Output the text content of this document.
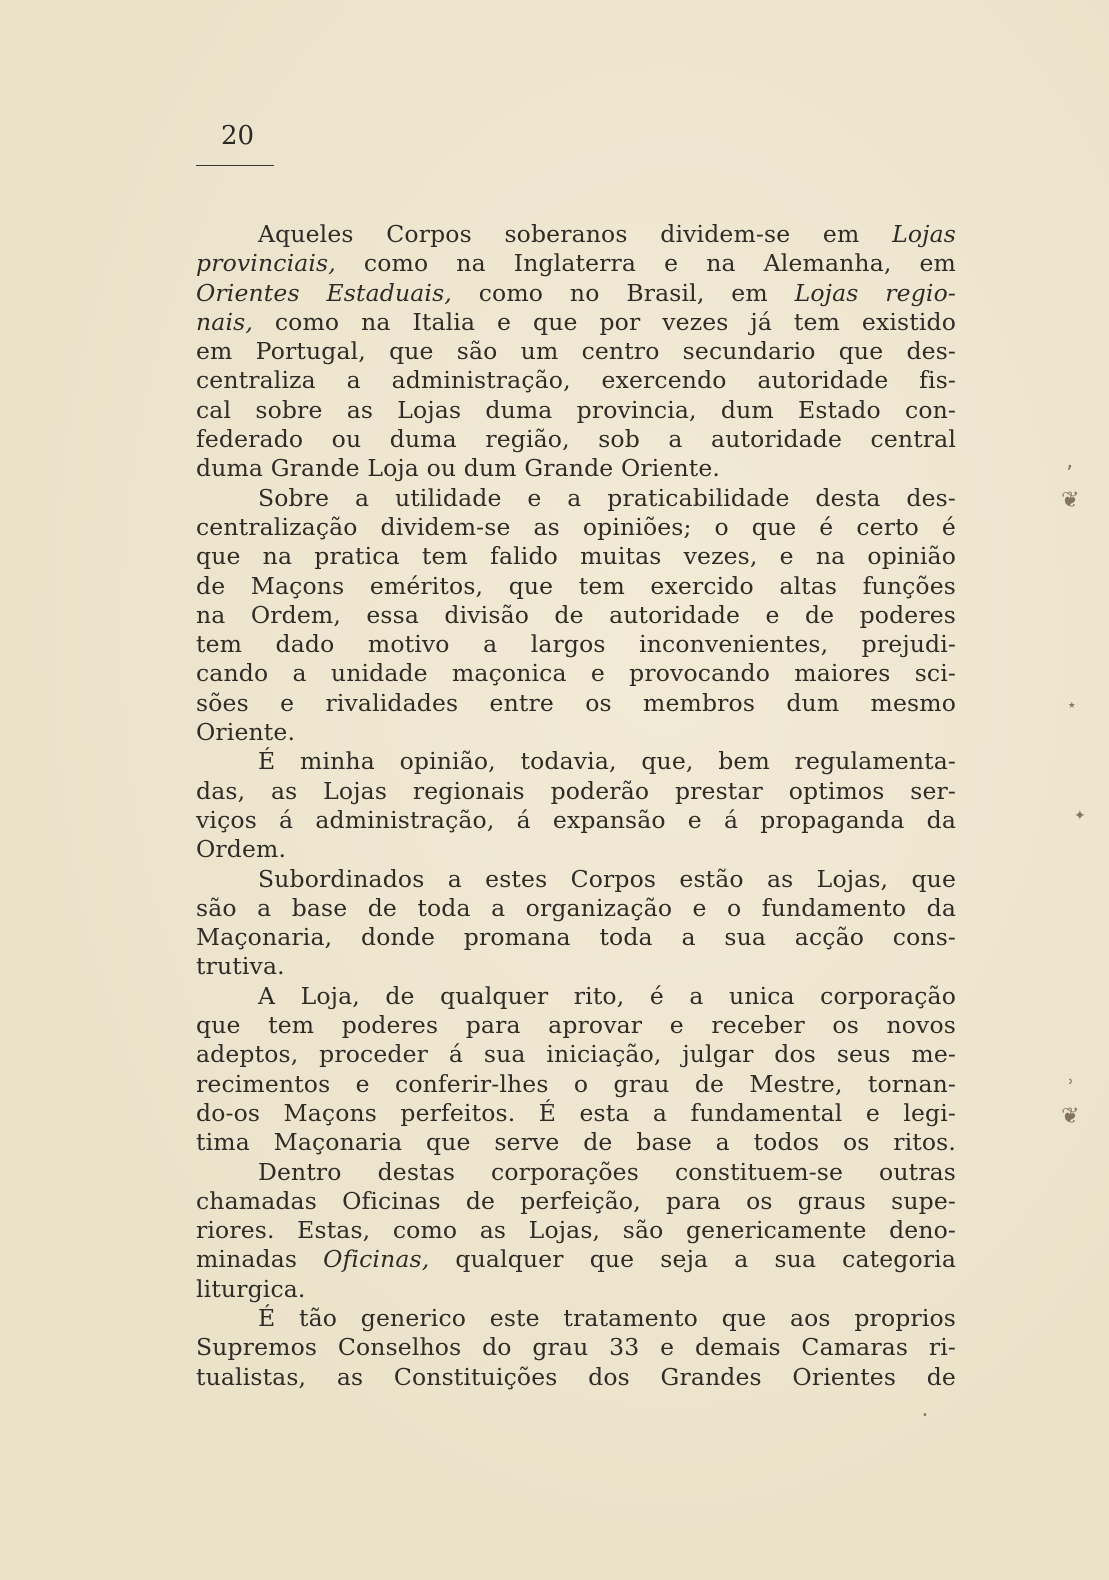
20
Aqueles Corpos soberanos dividem-se em Lojas
provinciais, como na Inglaterra e na Alemanha, em
Orientes Estaduais, como no Brasil, em Lojas regio-
nais, como na Italia e que por vezes já tem existido
em Portugal, que são um centro secundario que des-
centraliza a administração, exercendo autoridade fis-
cal sobre as Lojas duma provincia, dum Estado con-
federado ou duma região, sob a autoridade central
duma Grande Loja ou dum Grande Oriente.
Sobre a utilidade e a praticabilidade desta des-
centralização dividem-se as opiniões; o que é certo é
que na pratica tem falido muitas vezes, e na opinião
de Maçons eméritos, que tem exercido altas funções
na Ordem, essa divisão de autoridade e de poderes
tem dado motivo a largos inconvenientes, prejudi-
cando a unidade maçonica e provocando maiores sci-
sões e rivalidades entre os membros dum mesmo
Oriente.
É minha opinião, todavia, que, bem regulamenta-
das, as Lojas regionais poderão prestar optimos ser-
viços á administração, á expansão e á propaganda da
Ordem.
Subordinados a estes Corpos estão as Lojas, que
são a base de toda a organização e o fundamento da
Maçonaria, donde promana toda a sua acção cons-
trutiva.
A Loja, de qualquer rito, é a unica corporação
que tem poderes para aprovar e receber os novos
adeptos, proceder á sua iniciação, julgar dos seus me-
recimentos e conferir-lhes o grau de Mestre, tornan-
do-os Maçons perfeitos. É esta a fundamental e legi-
tima Maçonaria que serve de base a todos os ritos.
Dentro destas corporações constituem-se outras
chamadas Oficinas de perfeição, para os graus supe-
riores. Estas, como as Lojas, são genericamente deno-
minadas Oficinas, qualquer que seja a sua categoria
liturgica.
É tão generico este tratamento que aos proprios
Supremos Conselhos do grau 33 e demais Camaras ri-
tualistas, as Constituições dos Grandes Orientes de
ʼ
❦
٭
✦
ʾ
❦
•
